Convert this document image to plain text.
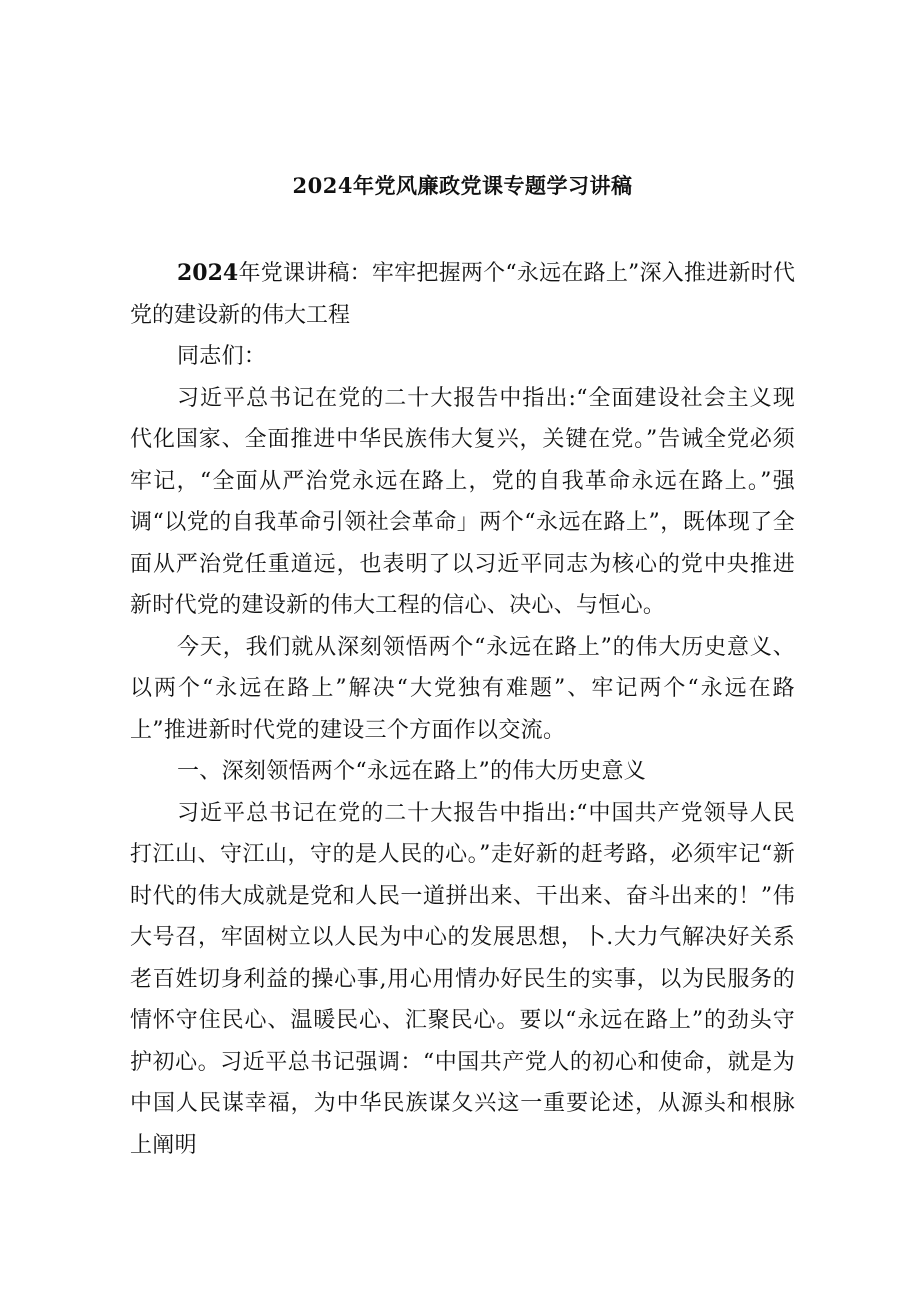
2024年党风廉政党课专题学习讲稿

2024年党课讲稿：牢牢把握两个“永远在路上”深入推进新时代党的建设新的伟大工程

同志们：

习近平总书记在党的二十大报告中指出:“全面建设社会主义现代化国家、全面推进中华民族伟大复兴，关键在党。”告诫全党必须牢记，“全面从严治党永远在路上，党的自我革命永远在路上。”强调“以党的自我革命引领社会革命」两个“永远在路上”，既体现了全面从严治党任重道远，也表明了以习近平同志为核心的党中央推进新时代党的建设新的伟大工程的信心、决心、与恒心。

今天，我们就从深刻领悟两个“永远在路上”的伟大历史意义、以两个“永远在路上”解决“大党独有难题”、牢记两个“永远在路上”推进新时代党的建设三个方面作以交流。

一、深刻领悟两个“永远在路上”的伟大历史意义

习近平总书记在党的二十大报告中指出:“中国共产党领导人民打江山、守江山，守的是人民的心。”走好新的赶考路，必须牢记“新时代的伟大成就是党和人民一道拼出来、干出来、奋斗出来的！”伟大号召，牢固树立以人民为中心的发展思想，卜.大力气解决好关系老百姓切身利益的操心事,用心用情办好民生的实事，以为民服务的情怀守住民心、温暖民心、汇聚民心。要以“永远在路上”的劲头守护初心。习近平总书记强调：“中国共产党人的初心和使命，就是为中国人民谋幸福，为中华民族谋夂兴这一重要论述，从源头和根脉上阐明
